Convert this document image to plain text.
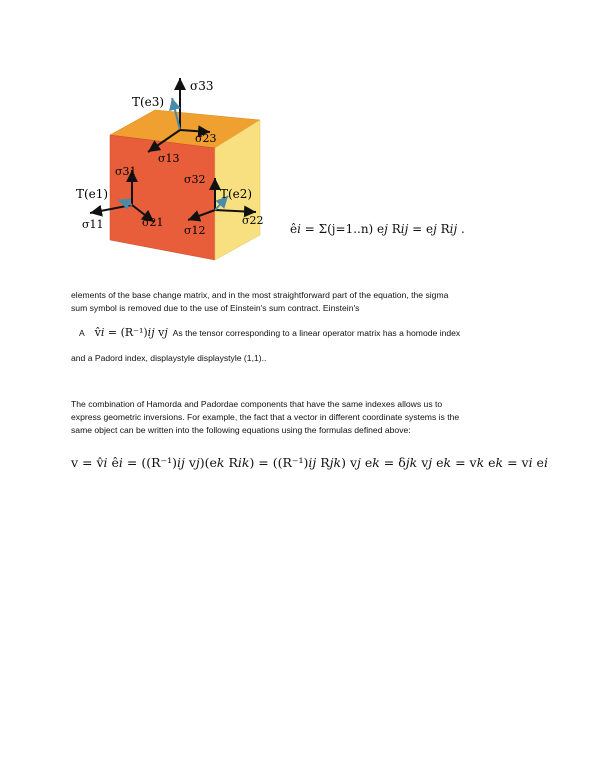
σ33
T(e3)
σ23
σ13
σ31
σ32
T(e1)	T(e2)
σ11	σ21
σ12
σ22
ê𝑖 = Σ(j=1..n) e𝑗 R𝑖𝑗 = e𝑗 R𝑖𝑗 .
elements of the base change matrix, and in the most straightforward part of the equation, the sigma
sum symbol is removed due to the use of Einstein's sum contract. Einstein's
A v̂𝑖 = (R⁻¹)𝑖𝑗 v𝑗 As the tensor corresponding to a linear operator matrix has a homode index
and a Padord index, displaystyle displaystyle (1,1)..
The combination of Hamorda and Padordae components that have the same indexes allows us to
express geometric inversions. For example, the fact that a vector in different coordinate systems is the
same object can be written into the following equations using the formulas defined above:
v = v̂𝑖 ê𝑖 = ((R⁻¹)𝑖𝑗 v𝑗)(e𝑘 R𝑖𝑘) = ((R⁻¹)𝑖𝑗 R𝑗𝑘) v𝑗 e𝑘 = δ𝑗𝑘 v𝑗 e𝑘 = v𝑘 e𝑘 = v𝑖 e𝑖
